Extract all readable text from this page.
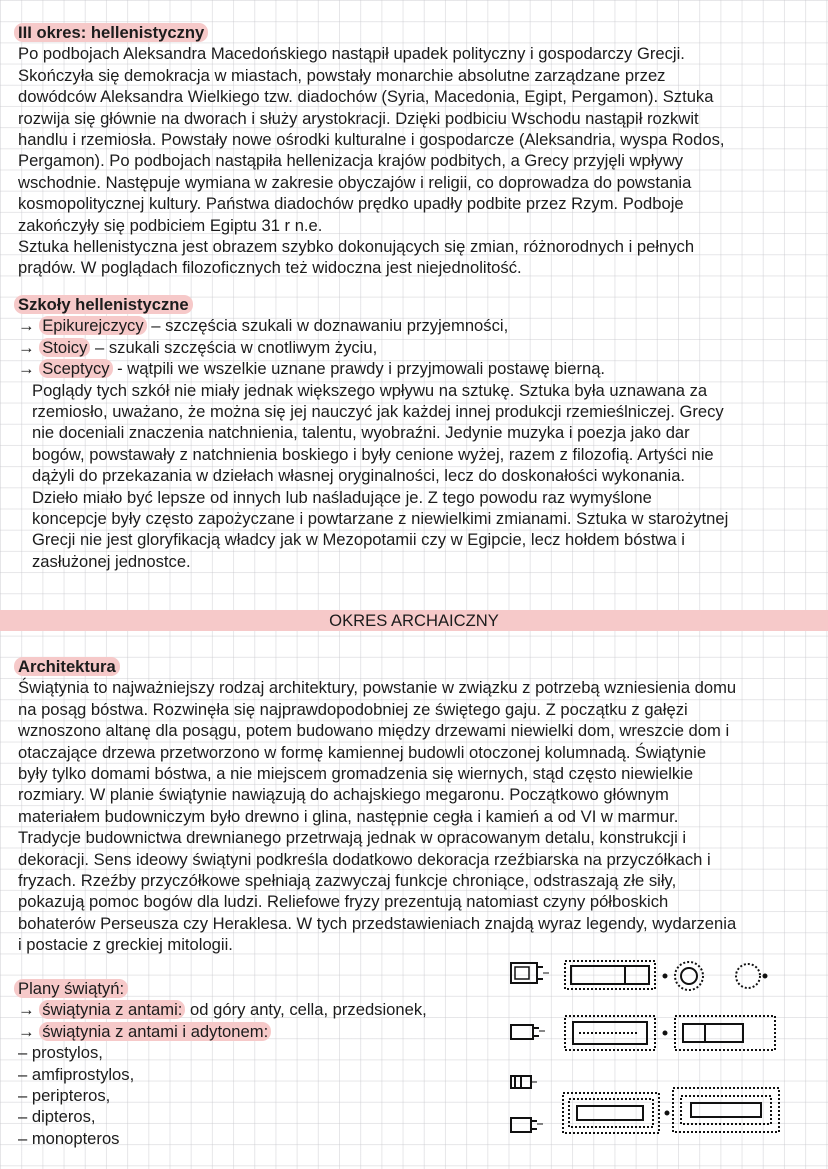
III okres: hellenistyczny

Po podbojach Aleksandra Macedońskiego nastąpił upadek polityczny i gospodarczy Grecji.

Skończyła się demokracja w miastach, powstały monarchie absolutne zarządzane przez

dowódców Aleksandra Wielkiego tzw. diadochów (Syria, Macedonia, Egipt, Pergamon). Sztuka

rozwija się głównie na dworach i służy arystokracji. Dzięki podbiciu Wschodu nastąpił rozkwit

handlu i rzemiosła. Powstały nowe ośrodki kulturalne i gospodarcze (Aleksandria, wyspa Rodos,

Pergamon). Po podbojach nastąpiła hellenizacja krajów podbitych, a Grecy przyjęli wpływy

wschodnie. Następuje wymiana w zakresie obyczajów i religii, co doprowadza do powstania

kosmopolitycznej kultury. Państwa diadochów prędko upadły podbite przez Rzym. Podboje

zakończyły się podbiciem Egiptu 31 r n.e.

Sztuka hellenistyczna jest obrazem szybko dokonujących się zmian, różnorodnych i pełnych

prądów. W poglądach filozoficznych też widoczna jest niejednolitość.

Szkoły hellenistyczne

→ Epikurejczycy – szczęścia szukali w doznawaniu przyjemności,

→ Stoicy – szukali szczęścia w cnotliwym życiu,

→ Sceptycy - wątpili we wszelkie uznane prawdy i przyjmowali postawę bierną.

Poglądy tych szkół nie miały jednak większego wpływu na sztukę. Sztuka była uznawana za

rzemiosło, uważano, że można się jej nauczyć jak każdej innej produkcji rzemieślniczej. Grecy

nie doceniali znaczenia natchnienia, talentu, wyobraźni. Jedynie muzyka i poezja jako dar

bogów, powstawały z natchnienia boskiego i były cenione wyżej, razem z filozofią. Artyści nie

dążyli do przekazania w dziełach własnej oryginalności, lecz do doskonałości wykonania.

Dzieło miało być lepsze od innych lub naśladujące je. Z tego powodu raz wymyślone

koncepcje były często zapożyczane i powtarzane z niewielkimi zmianami. Sztuka w starożytnej

Grecji nie jest gloryfikacją władcy jak w Mezopotamii czy w Egipcie, lecz hołdem bóstwa i

zasłużonej jednostce.

OKRES ARCHAICZNY

Architektura

Świątynia to najważniejszy rodzaj architektury, powstanie w związku z potrzebą wzniesienia domu

na posąg bóstwa. Rozwinęła się najprawdopodobniej ze świętego gaju. Z początku z gałęzi

wznoszono altanę dla posągu, potem budowano między drzewami niewielki dom, wreszcie dom i

otaczające drzewa przetworzono w formę kamiennej budowli otoczonej kolumnadą. Świątynie

były tylko domami bóstwa, a nie miejscem gromadzenia się wiernych, stąd często niewielkie

rozmiary. W planie świątynie nawiązują do achajskiego megaronu. Początkowo głównym

materiałem budowniczym było drewno i glina, następnie cegła i kamień a od VI w marmur.

Tradycje budownictwa drewnianego przetrwają jednak w opracowanym detalu, konstrukcji i

dekoracji. Sens ideowy świątyni podkreśla dodatkowo dekoracja rzeźbiarska na przyczółkach i

fryzach. Rzeźby przyczółkowe spełniają zazwyczaj funkcje chroniące, odstraszają złe siły,

pokazują pomoc bogów dla ludzi. Reliefowe fryzy prezentują natomiast czyny półboskich

bohaterów Perseusza czy Heraklesa. W tych przedstawieniach znajdą wyraz legendy, wydarzenia

i postacie z greckiej mitologii.

Plany świątyń:

→ świątynia z antami: od góry anty, cella, przedsionek,

→ świątynia z antami i adytonem:

– prostylos,

– amfiprostylos,

– peripteros,

– dipteros,

– monopteros
